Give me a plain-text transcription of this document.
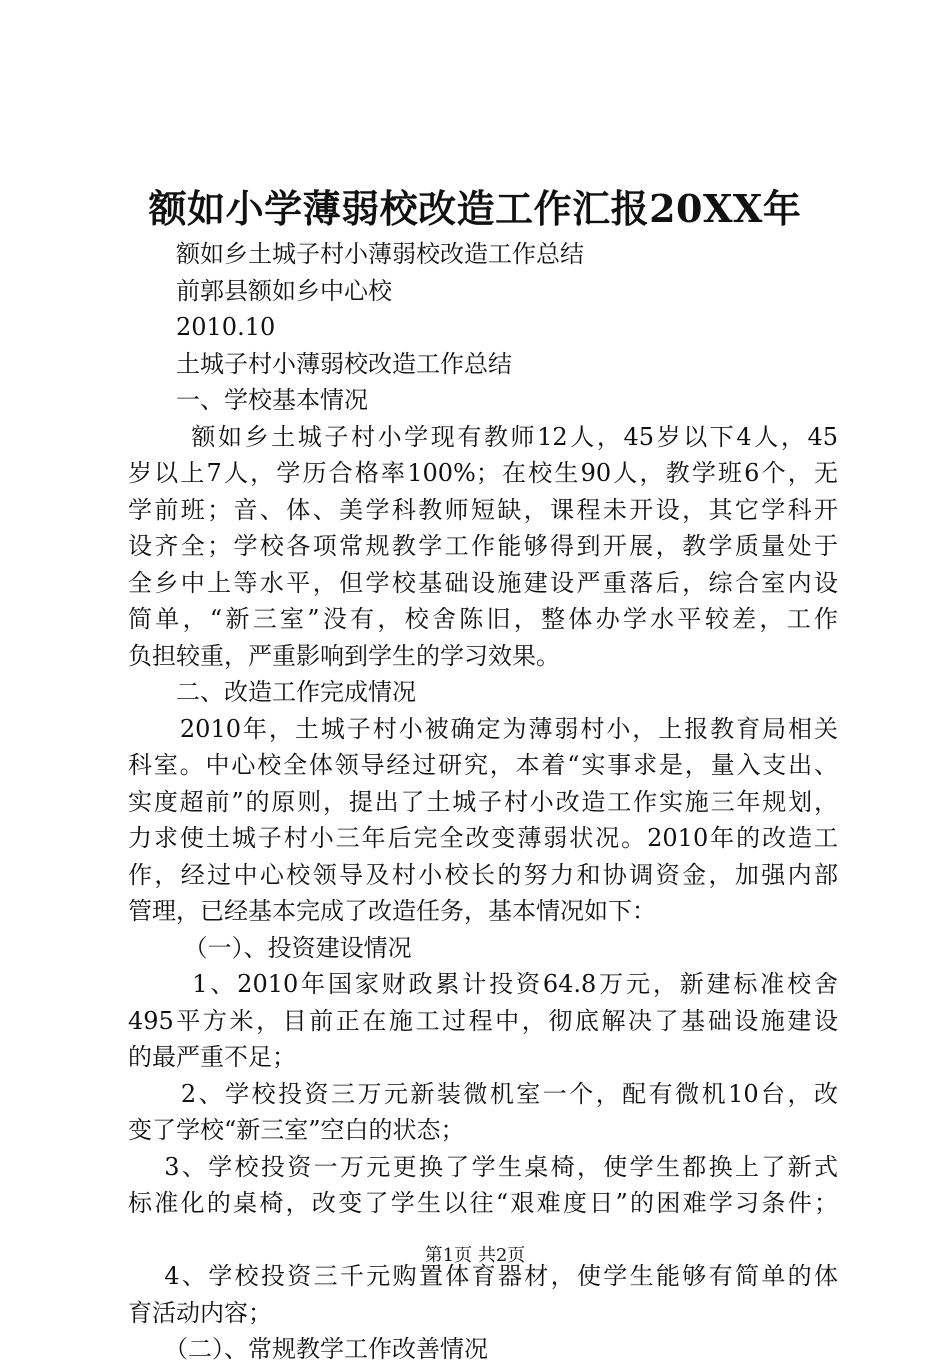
额如小学薄弱校改造工作汇报20XX年
　　额如乡土城子村小薄弱校改造工作总结
　　前郭县额如乡中心校
　　2010.10
　　土城子村小薄弱校改造工作总结
　　一、学校基本情况
　　 额如乡土城子村小学现有教师12人，45岁以下4人，45
岁以上7人，学历合格率100%；在校生90人，教学班6个，无
学前班；音、体、美学科教师短缺，课程未开设，其它学科开
设齐全；学校各项常规教学工作能够得到开展，教学质量处于
全乡中上等水平，但学校基础设施建设严重落后，综合室内设
简单，“新三室”没有，校舍陈旧，整体办学水平较差，工作
负担较重，严重影响到学生的学习效果。
　　二、改造工作完成情况
　　2010年，土城子村小被确定为薄弱村小，上报教育局相关
科室。中心校全体领导经过研究，本着“实事求是，量入支出、
实度超前”的原则，提出了土城子村小改造工作实施三年规划，
力求使土城子村小三年后完全改变薄弱状况。2010年的改造工
作，经过中心校领导及村小校长的努力和协调资金，加强内部
管理，已经基本完成了改造任务，基本情况如下：
　　 （一）、投资建设情况
　　 1、2010年国家财政累计投资64.8万元，新建标准校舍
495平方米，目前正在施工过程中，彻底解决了基础设施建设
的最严重不足；
　　2、学校投资三万元新装微机室一个，配有微机10台，改
变了学校“新三室”空白的状态；
　 3、学校投资一万元更换了学生桌椅，使学生都换上了新式
标准化的桌椅，改变了学生以往“艰难度日”的困难学习条件；
　 4、学校投资三千元购置体育器材，使学生能够有简单的体
育活动内容；
　　（二）、常规教学工作改善情况
第1页 共2页
